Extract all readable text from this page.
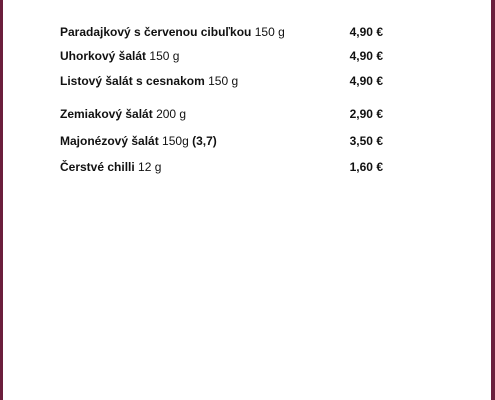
Paradajkový s červenou cibuľkou 150 g	4,90 €
Uhorkový šalát 150 g	4,90 €
Listový šalát s cesnakom 150 g	4,90 €
Zemiakový šalát 200 g	2,90 €
Majonézový šalát 150g (3,7)	3,50 €
Čerstvé chilli 12 g	1,60 €
